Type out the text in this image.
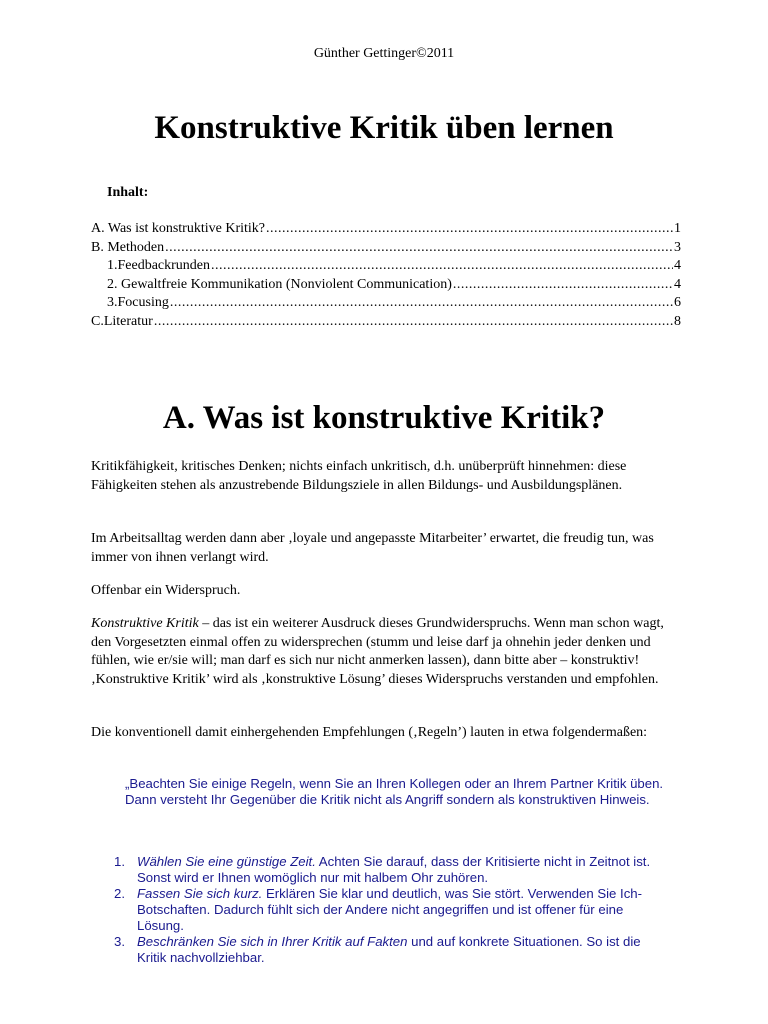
Günther Gettinger©2011
Konstruktive Kritik üben lernen
Inhalt:
A. Was ist konstruktive Kritik? .....	1
B. Methoden .....	3
1.Feedbackrunden .....	4
2. Gewaltfreie Kommunikation (Nonviolent Communication) .....	4
3.Focusing .....	6
C.Literatur .....	8
A. Was ist konstruktive Kritik?

Kritikfähigkeit, kritisches Denken; nichts einfach unkritisch, d.h. unüberprüft hinnehmen: diese Fähigkeiten stehen als anzustrebende Bildungsziele in allen Bildungs- und Ausbildungsplänen.

Im Arbeitsalltag werden dann aber ‚loyale und angepasste Mitarbeiter’ erwartet, die freudig tun, was immer von ihnen verlangt wird.

Offenbar ein Widerspruch.

Konstruktive Kritik – das ist ein weiterer Ausdruck dieses Grundwiderspruchs. Wenn man schon wagt, den Vorgesetzten einmal offen zu widersprechen (stumm und leise darf ja ohnehin jeder denken und fühlen, wie er/sie will; man darf es sich nur nicht anmerken lassen), dann bitte aber – konstruktiv! ‚Konstruktive Kritik’ wird als ‚konstruktive Lösung’ dieses Widerspruchs verstanden und empfohlen.

Die konventionell damit einhergehenden Empfehlungen (‚Regeln’) lauten in etwa folgendermaßen:

„Beachten Sie einige Regeln, wenn Sie an Ihren Kollegen oder an Ihrem Partner Kritik üben. Dann versteht Ihr Gegenüber die Kritik nicht als Angriff sondern als konstruktiven Hinweis.

1. Wählen Sie eine günstige Zeit. Achten Sie darauf, dass der Kritisierte nicht in Zeitnot ist. Sonst wird er Ihnen womöglich nur mit halbem Ohr zuhören.
2. Fassen Sie sich kurz. Erklären Sie klar und deutlich, was Sie stört. Verwenden Sie Ich-Botschaften. Dadurch fühlt sich der Andere nicht angegriffen und ist offener für eine Lösung.
3. Beschränken Sie sich in Ihrer Kritik auf Fakten und auf konkrete Situationen. So ist die Kritik nachvollziehbar.
